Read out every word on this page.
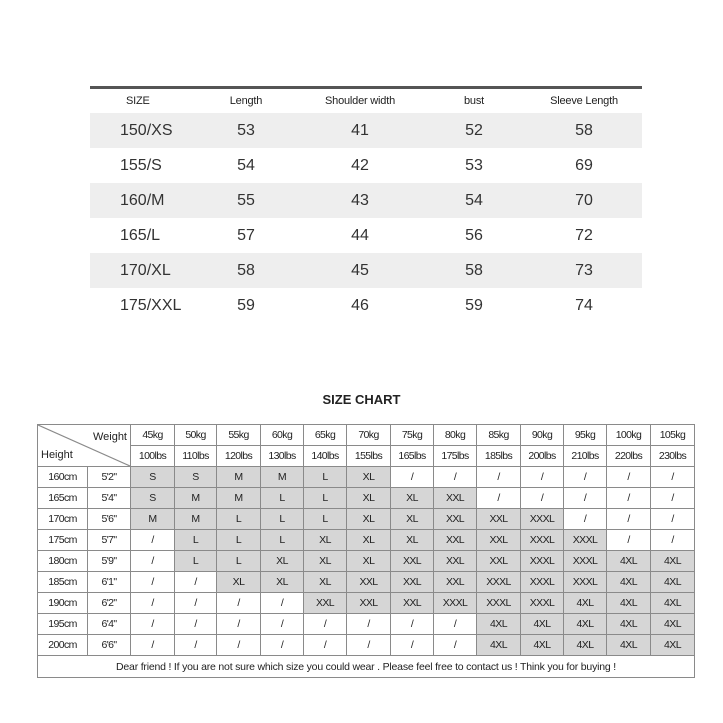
SIZE	Length	Shoulder width	bust	Sleeve Length
150/XS	53	41	52	58
155/S	54	42	53	69
160/M	55	43	54	70
165/L	57	44	56	72
170/XL	58	45	58	73
175/XXL	59	46	59	74
SIZE CHART
Weight
Height		45kg	50kg	55kg	60kg	65kg	70kg	75kg	80kg	85kg	90kg	95kg	100kg	105kg
		100lbs	110lbs	120lbs	130lbs	140lbs	155lbs	165lbs	175lbs	185lbs	200lbs	210lbs	220lbs	230lbs
160cm	5'2"	S	S	M	M	L	XL	/	/	/	/	/	/	/
165cm	5'4"	S	M	M	L	L	XL	XL	XXL	/	/	/	/	/
170cm	5'6"	M	M	L	L	L	XL	XL	XXL	XXL	XXXL	/	/	/
175cm	5'7"	/	L	L	L	XL	XL	XL	XXL	XXL	XXXL	XXXL	/	/
180cm	5'9"	/	L	L	XL	XL	XL	XXL	XXL	XXL	XXXL	XXXL	4XL	4XL
185cm	6'1"	/	/	XL	XL	XL	XXL	XXL	XXL	XXXL	XXXL	XXXL	4XL	4XL
190cm	6'2"	/	/	/	/	XXL	XXL	XXL	XXXL	XXXL	XXXL	4XL	4XL	4XL
195cm	6'4"	/	/	/	/	/	/	/	/	4XL	4XL	4XL	4XL	4XL
200cm	6'6"	/	/	/	/	/	/	/	/	4XL	4XL	4XL	4XL	4XL
Dear friend ! If you are not sure which size you could wear . Please feel free to contact us ! Think you for buying !														
